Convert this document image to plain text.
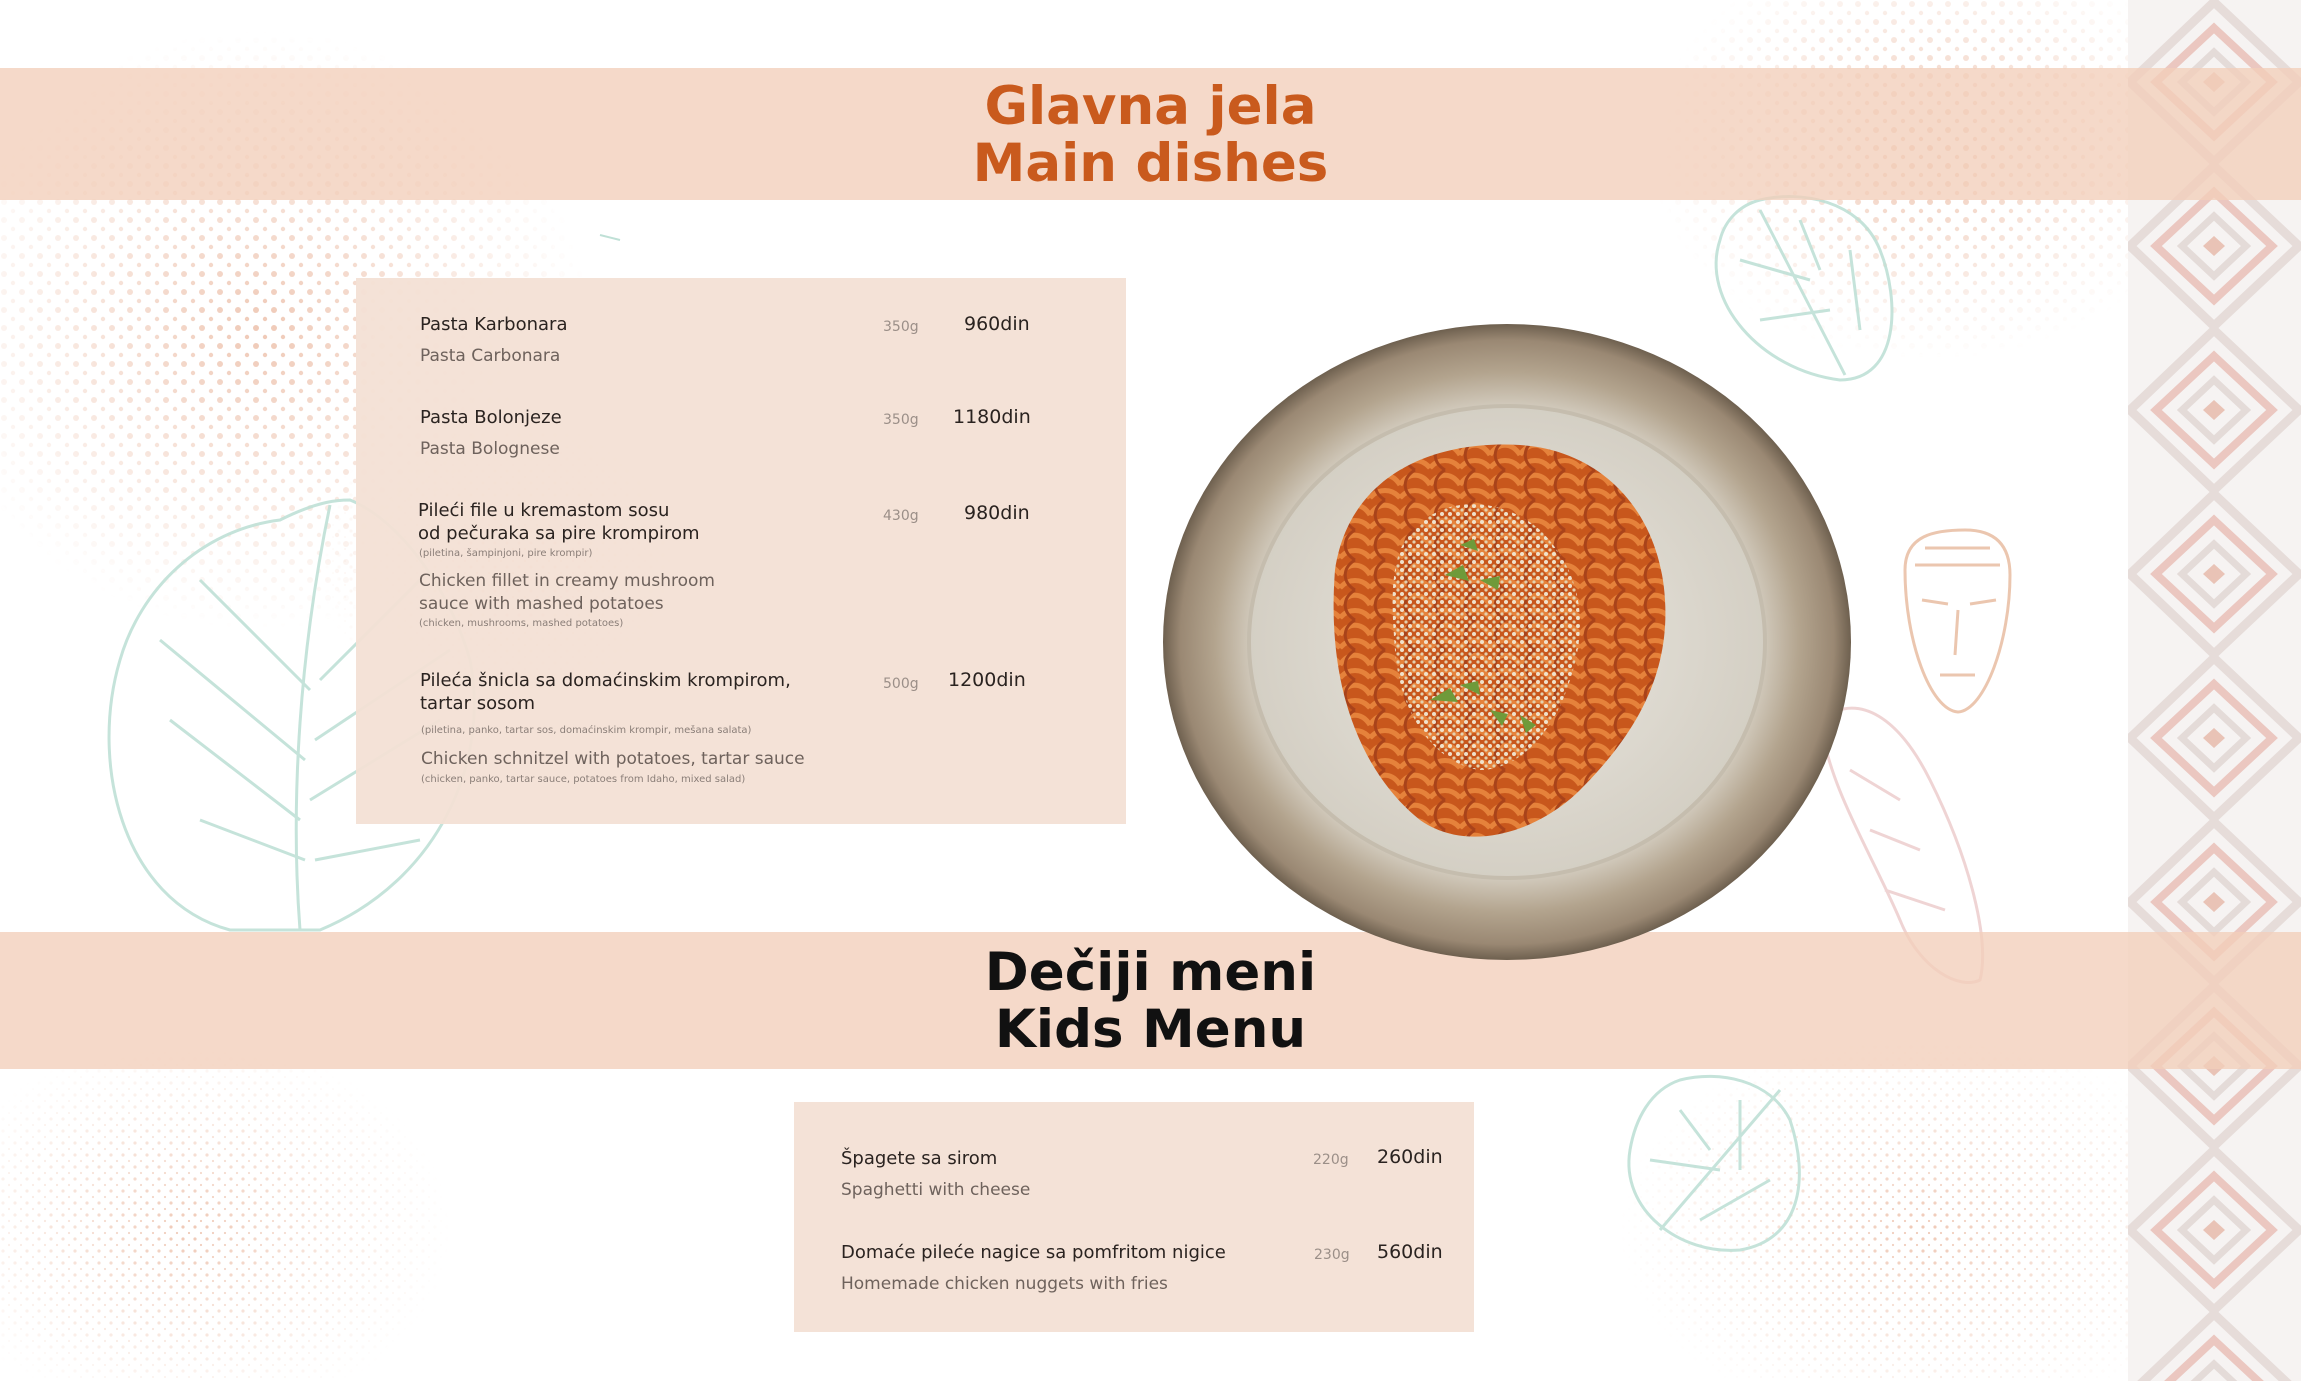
Glavna jela
Main dishes
Pasta Karbonara
Pasta Carbonara
350g 960din
Pasta Bolonjeze
Pasta Bolognese
350g 1180din
Pileći file u kremastom sosu
od pečuraka sa pire krompirom
(piletina, šampinjoni, pire krompir)
Chicken fillet in creamy mushroom
sauce with mashed potatoes
(chicken, mushrooms, mashed potatoes)
430g 980din
Pileća šnicla sa domaćinskim krompirom,
tartar sosom
(piletina, panko, tartar sos, domaćinskim krompir, mešana salata)
Chicken schnitzel with potatoes, tartar sauce
(chicken, panko, tartar sauce, potatoes from Idaho, mixed salad)
500g 1200din
Dečiji meni
Kids Menu
Špagete sa sirom
Spaghetti with cheese
220g 260din
Domaće pileće nagice sa pomfritom nigice
Homemade chicken nuggets with fries
230g 560din
